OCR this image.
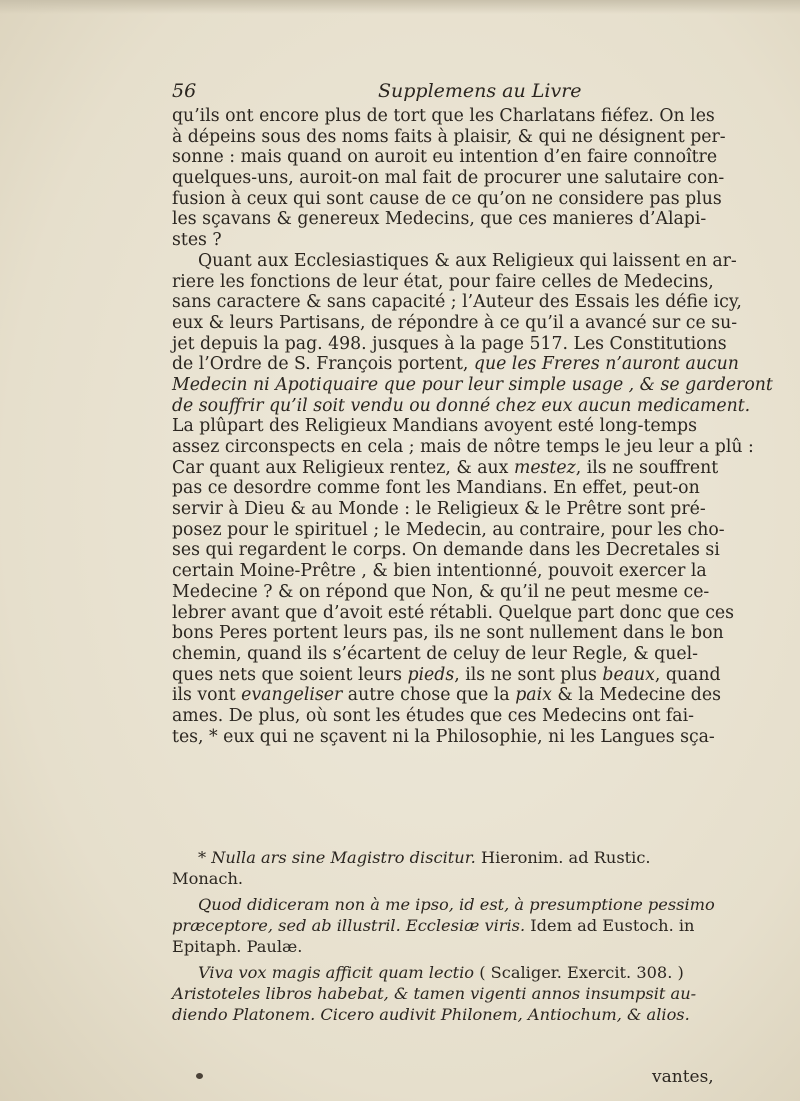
56	Supplemens au Livre
qu’ils ont encore plus de tort que les Charlatans fiéfez. On les
à dépeins sous des noms faits à plaisir, & qui ne désignent per-
sonne : mais quand on auroit eu intention d’en faire connoître
quelques-uns, auroit-on mal fait de procurer une salutaire con-
fusion à ceux qui sont cause de ce qu’on ne considere pas plus
les sçavans & genereux Medecins, que ces manieres d’Alapi-
stes ?
Quant aux Ecclesiastiques & aux Religieux qui laissent en ar-
riere les fonctions de leur état, pour faire celles de Medecins,
sans caractere & sans capacité ; l’Auteur des Essais les défie icy,
eux & leurs Partisans, de répondre à ce qu’il a avancé sur ce su-
jet depuis la pag. 498. jusques à la page 517. Les Constitutions
de l’Ordre de S. François portent, que les Freres n’auront aucun
Medecin ni Apotiquaire que pour leur simple usage , & se garderont
de souffrir qu’il soit vendu ou donné chez eux aucun medicament.
La plûpart des Religieux Mandians avoyent esté long-temps
assez circonspects en cela ; mais de nôtre temps le jeu leur a plû :
Car quant aux Religieux rentez, & aux mestez, ils ne souffrent
pas ce desordre comme font les Mandians. En effet, peut-on
servir à Dieu & au Monde : le Religieux & le Prêtre sont pré-
posez pour le spirituel ; le Medecin, au contraire, pour les cho-
ses qui regardent le corps. On demande dans les Decretales si
certain Moine-Prêtre , & bien intentionné, pouvoit exercer la
Medecine ? & on répond que Non, & qu’il ne peut mesme ce-
lebrer avant que d’avoit esté rétabli. Quelque part donc que ces
bons Peres portent leurs pas, ils ne sont nullement dans le bon
chemin, quand ils s’écartent de celuy de leur Regle, & quel-
ques nets que soient leurs pieds, ils ne sont plus beaux, quand
ils vont evangeliser autre chose que la paix & la Medecine des
ames. De plus, où sont les études que ces Medecins ont fai-
tes, * eux qui ne sçavent ni la Philosophie, ni les Langues sça-
* Nulla ars sine Magistro discitur. Hieronim. ad Rustic.
Monach.
Quod didiceram non à me ipso, id est, à presumptione pessimo
præceptore, sed ab illustril. Ecclesiæ viris. Idem ad Eustoch. in
Epitaph. Paulæ.
Viva vox magis afficit quam lectio ( Scaliger. Exercit. 308. )
Aristoteles libros habebat, & tamen vigenti annos insumpsit au-
diendo Platonem. Cicero audivit Philonem, Antiochum, & alios.
vantes,
